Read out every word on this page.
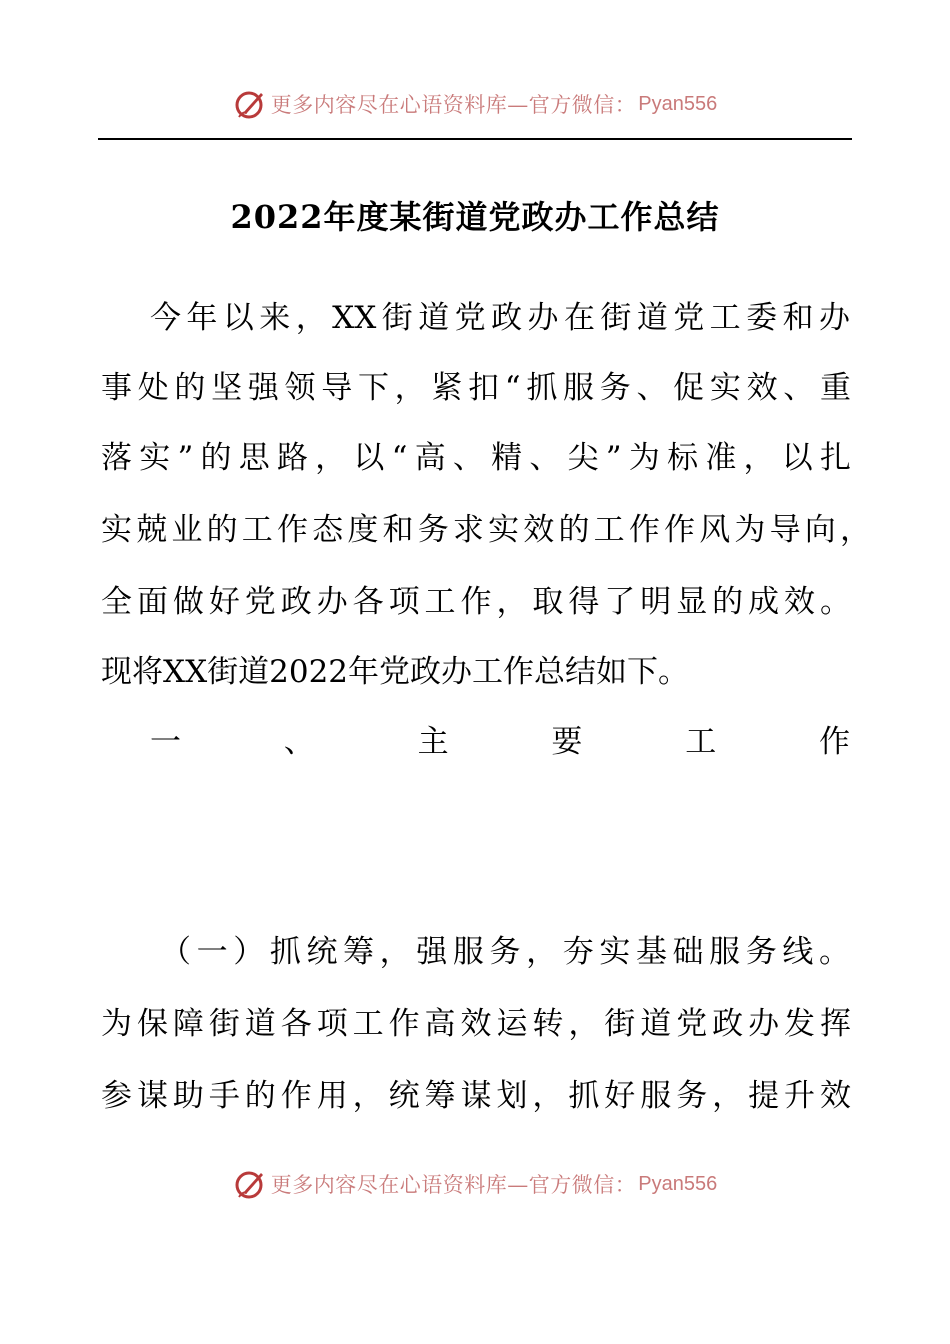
更多内容尽在心语资料库—官方微信： Pyan556
2022年度某街道党政办工作总结
今年以来，XX街道党政办在街道党工委和办
事处的坚强领导下，紧扣“抓服务、促实效、重
落实”的思路，以“高、精、尖”为标准，以扎
实兢业的工作态度和务求实效的工作作风为导向，
全面做好党政办各项工作，取得了明显的成效。
现将XX街道2022年党政办工作总结如下。
一、主要工作
（一）抓统筹，强服务，夯实基础服务线。
为保障街道各项工作高效运转，街道党政办发挥
参谋助手的作用，统筹谋划，抓好服务，提升效
更多内容尽在心语资料库—官方微信： Pyan556
